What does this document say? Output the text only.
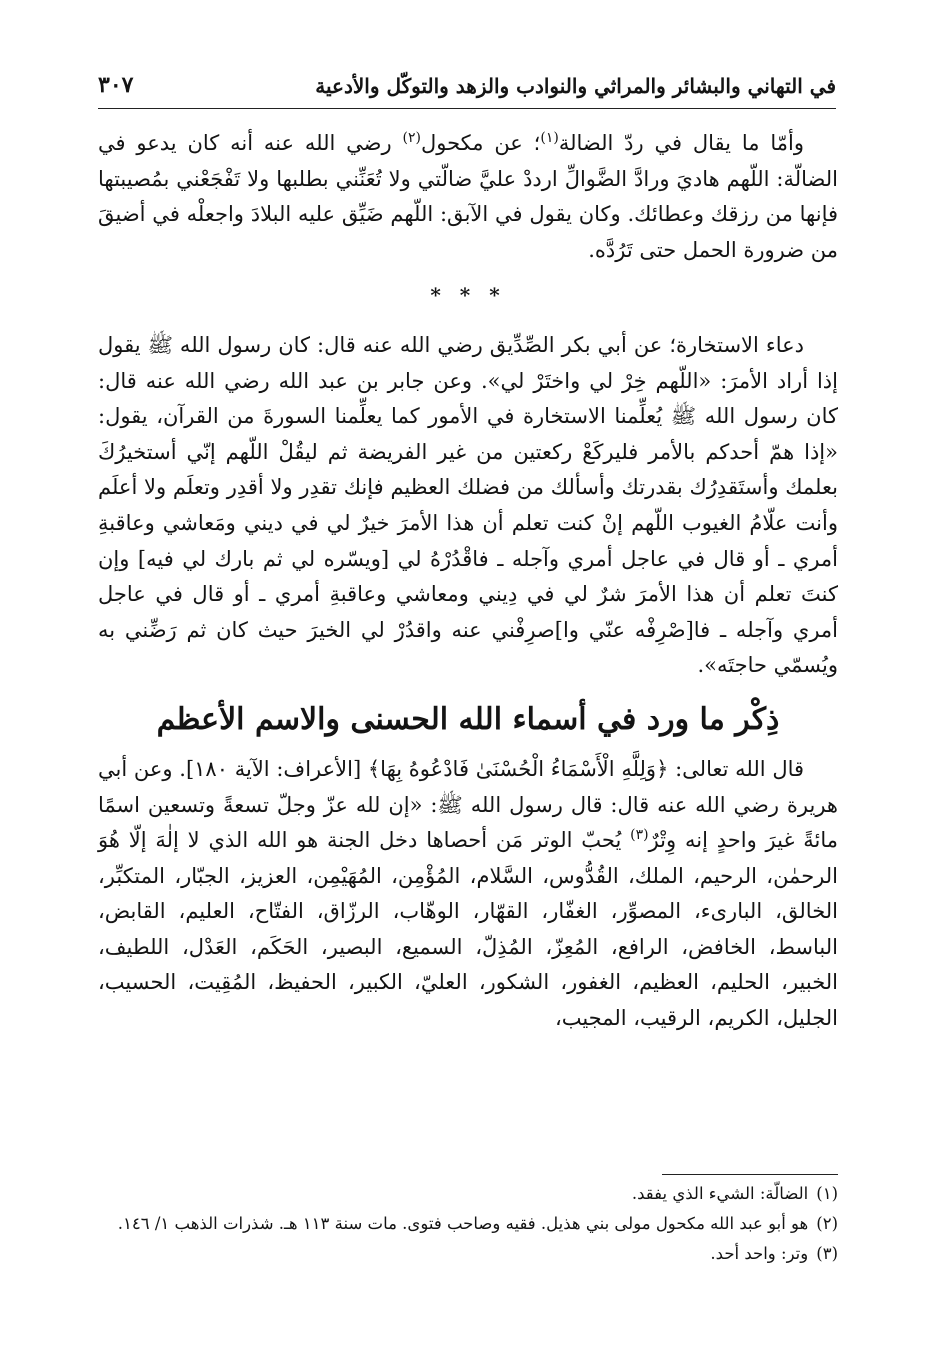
في التهاني والبشائر والمراثي والنوادب والزهد والتوكّل والأدعية
٣٠٧

وأمّا ما يقال في ردّ الضالة$^{(١)}$؛ عن مكحول$^{(٢)}$ رضي الله عنه أنه كان يدعو في الضالّة: اللّهم هاديَ ورادَّ الضَّوالِّ ارددْ عليَّ ضالّتي ولا تُعَنِّني بطلبها ولا تَفْجَعْني بمُصيبتها فإنها من رزقك وعطائك. وكان يقول في الآبق: اللّهم ضَيِّق عليه البلادَ واجعلْه في أضيقَ من ضرورة الحمل حتى تَرُدَّه.

* * *

دعاء الاستخارة؛ عن أبي بكر الصِّدِّيق رضي الله عنه قال: كان رسول الله ﷺ يقول إذا أراد الأمرَ: «اللّهم خِرْ لي واختَرْ لي». وعن جابر بن عبد الله رضي الله عنه قال: كان رسول الله ﷺ يُعلِّمنا الاستخارة في الأمور كما يعلِّمنا السورةَ من القرآن، يقول: «إذا همّ أحدكم بالأمر فليركَعْ ركعتين من غير الفريضة ثم ليقُلْ اللّهم إنّي أستخيرُكَ بعلمك وأستَقدِرُك بقدرتك وأسألك من فضلك العظيم فإنك تقدِر ولا أقدِر وتعلَم ولا أعلَم وأنت علّامُ الغيوب اللّهم إنْ كنت تعلم أن هذا الأمرَ خيرٌ لي في ديني ومَعاشي وعاقبةِ أمري ـ أو قال في عاجل أمري وآجله ـ فاقْدُرْهُ لي [ويسّره لي ثم بارك لي فيه] وإن كنتَ تعلم أن هذا الأمرَ شرٌ لي في دِيني ومعاشي وعاقبةِ أمري ـ أو قال في عاجل أمري وآجله ـ فا[صْرِفْه عنّي وا]صرِفْني عنه واقدُرْ لي الخيرَ حيث كان ثم رَضِّني به ويُسمّي حاجتَه».

ذِكْر ما ورد في أسماء الله الحسنى والاسم الأعظم

قال الله تعالى: ﴿وَلِلَّهِ الْأَسْمَاءُ الْحُسْنَىٰ فَادْعُوهُ بِهَا﴾ [الأعراف: الآية ١٨٠]. وعن أبي هريرة رضي الله عنه قال: قال رسول الله ﷺ: «إن لله عزّ وجلّ تسعةً وتسعين اسمًا مائةً غيرَ واحدٍ إنه وِتْرٌ$^{(٣)}$ يُحبّ الوتر مَن أحصاها دخل الجنة هو الله الذي لا إلٰهَ إلّا هُوَ الرحمٰن، الرحيم، الملك، القُدُّوس، السَّلام، المُؤْمِن، المُهَيْمِن، العزيز، الجبّار، المتكبِّر، الخالق، البارىء، المصوِّر، الغفّار، القهّار، الوهّاب، الرزّاق، الفتّاح، العليم، القابض، الباسط، الخافض، الرافع، المُعِزّ، المُذِلّ، السميع، البصير، الحَكَم، العَدْل، اللطيف، الخبير، الحليم، العظيم، الغفور، الشكور، العليّ، الكبير، الحفيظ، المُقِيت، الحسيب، الجليل، الكريم، الرقيب، المجيب،

(١)
الضالّة: الشيء الذي يفقد.
(٢)
هو أبو عبد الله مكحول مولى بني هذيل. فقيه وصاحب فتوى. مات سنة ١١٣ هـ. شذرات الذهب ١/ ١٤٦.
(٣)
وتر: واحد أحد.
